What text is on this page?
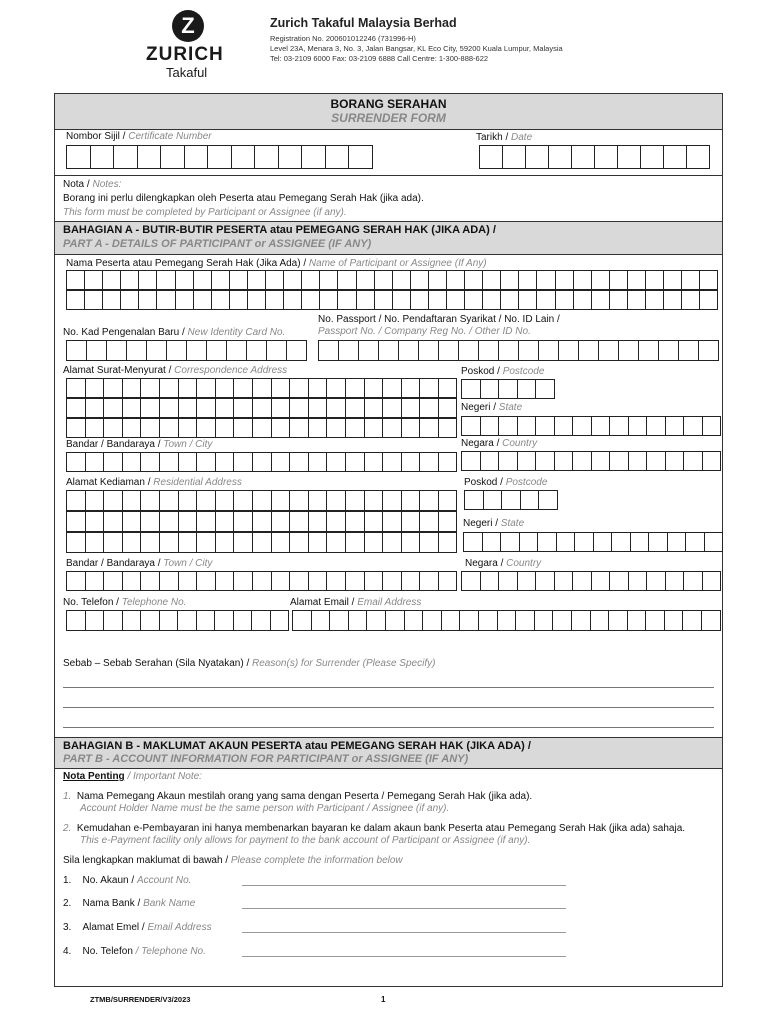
Z
ZURICH
Takaful
Zurich Takaful Malaysia Berhad
Registration No. 200601012246 (731996-H)
Level 23A, Menara 3, No. 3, Jalan Bangsar, KL Eco City, 59200 Kuala Lumpur, Malaysia
Tel: 03-2109 6000 Fax: 03-2109 6888 Call Centre: 1-300-888-622
BORANG SERAHAN
SURRENDER FORM
Nombor Sijil / Certificate Number	Tarikh / Date
Nota / Notes:
Borang ini perlu dilengkapkan oleh Peserta atau Pemegang Serah Hak (jika ada).
This form must be completed by Participant or Assignee (if any).
BAHAGIAN A - BUTIR-BUTIR PESERTA atau PEMEGANG SERAH HAK (JIKA ADA) /
PART A - DETAILS OF PARTICIPANT or ASSIGNEE (IF ANY)
Nama Peserta atau Pemegang Serah Hak (Jika Ada) / Name of Participant or Assignee (If Any)
No. Passport / No. Pendaftaran Syarikat / No. ID Lain /
Passport No. / Company Reg No. / Other ID No.
No. Kad Pengenalan Baru / New Identity Card No.
Alamat Surat-Menyurat / Correspondence Address	Poskod / Postcode
Negeri / State
Bandar / Bandaraya / Town / City	Negara / Country
Alamat Kediaman / Residential Address	Poskod / Postcode
Negeri / State
Bandar / Bandaraya / Town / City	Negara / Country
No. Telefon / Telephone No.	Alamat Email / Email Address
Sebab – Sebab Serahan (Sila Nyatakan) / Reason(s) for Surrender (Please Specify)
BAHAGIAN B - MAKLUMAT AKAUN PESERTA atau PEMEGANG SERAH HAK (JIKA ADA) /
PART B - ACCOUNT INFORMATION FOR PARTICIPANT or ASSIGNEE (IF ANY)
Nota Penting / Important Note:
1. Nama Pemegang Akaun mestilah orang yang sama dengan Peserta / Pemegang Serah Hak (jika ada).
Account Holder Name must be the same person with Participant / Assignee (if any).
2. Kemudahan e-Pembayaran ini hanya membenarkan bayaran ke dalam akaun bank Peserta atau Pemegang Serah Hak (jika ada) sahaja.
This e-Payment facility only allows for payment to the bank account of Participant or Assignee (if any).
Sila lengkapkan maklumat di bawah / Please complete the information below
1. No. Akaun / Account No.
2. Nama Bank / Bank Name
3. Alamat Emel / Email Address
4. No. Telefon / Telephone No.
ZTMB/SURRENDER/V3/2023	1
